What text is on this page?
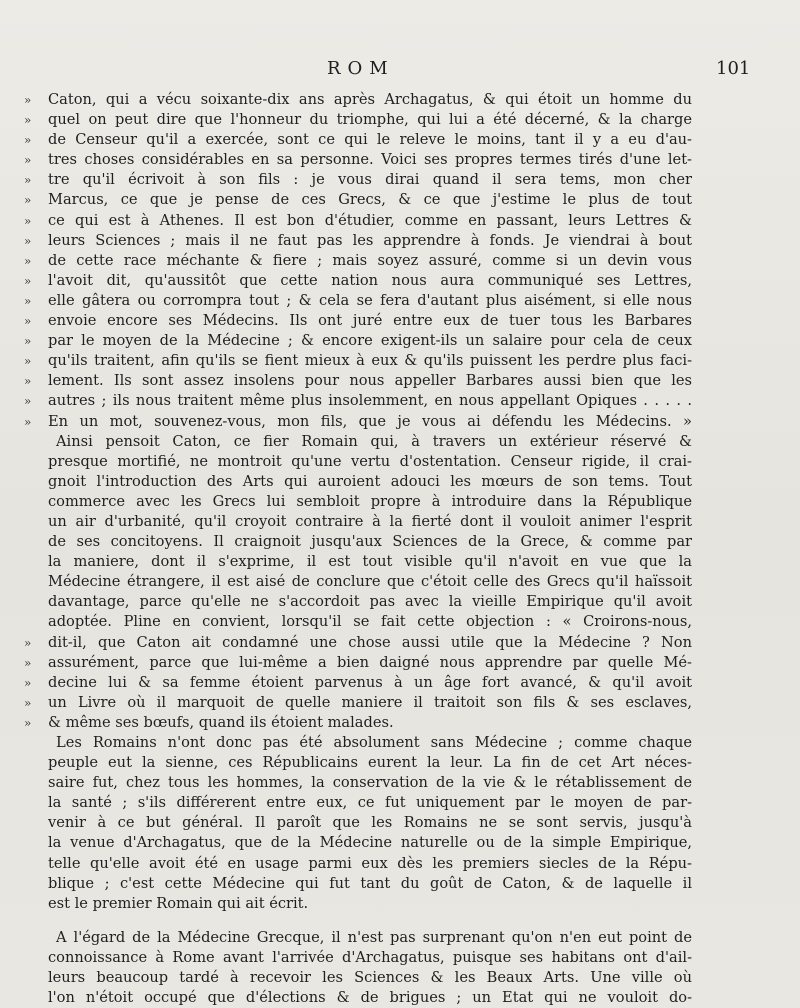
ROM	101
»	Caton, qui a vécu soixante-dix ans après Archagatus, & qui étoit un homme du
»	quel on peut dire que l'honneur du triomphe, qui lui a été décerné, & la charge
»	de Censeur qu'il a exercée, sont ce qui le releve le moins, tant il y a eu d'au-
»	tres choses considérables en sa personne. Voici ses propres termes tirés d'une let-
»	tre qu'il écrivoit à son fils : je vous dirai quand il sera tems, mon cher
»	Marcus, ce que je pense de ces Grecs, & ce que j'estime le plus de tout
»	ce qui est à Athenes. Il est bon d'étudier, comme en passant, leurs Lettres &
»	leurs Sciences ; mais il ne faut pas les apprendre à fonds. Je viendrai à bout
»	de cette race méchante & fiere ; mais soyez assuré, comme si un devin vous
»	l'avoit dit, qu'aussitôt que cette nation nous aura communiqué ses Lettres,
»	elle gâtera ou corrompra tout ; & cela se fera d'autant plus aisément, si elle nous
»	envoie encore ses Médecins. Ils ont juré entre eux de tuer tous les Barbares
»	par le moyen de la Médecine ; & encore exigent-ils un salaire pour cela de ceux
»	qu'ils traitent, afin qu'ils se fient mieux à eux & qu'ils puissent les perdre plus faci-
»	lement. Ils sont assez insolens pour nous appeller Barbares aussi bien que les
»	autres ; ils nous traitent même plus insolemment, en nous appellant Opiques . . . . .
»	En un mot, souvenez-vous, mon fils, que je vous ai défendu les Médecins. »
Ainsi pensoit Caton, ce fier Romain qui, à travers un extérieur réservé &
presque mortifié, ne montroit qu'une vertu d'ostentation. Censeur rigide, il crai-
gnoit l'introduction des Arts qui auroient adouci les mœurs de son tems. Tout
commerce avec les Grecs lui sembloit propre à introduire dans la République
un air d'urbanité, qu'il croyoit contraire à la fierté dont il vouloit animer l'esprit
de ses concitoyens. Il craignoit jusqu'aux Sciences de la Grece, & comme par
la maniere, dont il s'exprime, il est tout visible qu'il n'avoit en vue que la
Médecine étrangere, il est aisé de conclure que c'étoit celle des Grecs qu'il haïssoit
davantage, parce qu'elle ne s'accordoit pas avec la vieille Empirique qu'il avoit
adoptée. Pline en convient, lorsqu'il se fait cette objection : « Croirons-nous,
»	dit-il, que Caton ait condamné une chose aussi utile que la Médecine ? Non
»	assurément, parce que lui-même a bien daigné nous apprendre par quelle Mé-
»	decine lui & sa femme étoient parvenus à un âge fort avancé, & qu'il avoit
»	un Livre où il marquoit de quelle maniere il traitoit son fils & ses esclaves,
»	& même ses bœufs, quand ils étoient malades.
Les Romains n'ont donc pas été absolument sans Médecine ; comme chaque
peuple eut la sienne, ces Républicains eurent la leur. La fin de cet Art néces-
saire fut, chez tous les hommes, la conservation de la vie & le rétablissement de
la santé ; s'ils différerent entre eux, ce fut uniquement par le moyen de par-
venir à ce but général. Il paroît que les Romains ne se sont servis, jusqu'à
la venue d'Archagatus, que de la Médecine naturelle ou de la simple Empirique,
telle qu'elle avoit été en usage parmi eux dès les premiers siecles de la Répu-
blique ; c'est cette Médecine qui fut tant du goût de Caton, & de laquelle il
est le premier Romain qui ait écrit.
A l'égard de la Médecine Grecque, il n'est pas surprenant qu'on n'en eut point de
connoissance à Rome avant l'arrivée d'Archagatus, puisque ses habitans ont d'ail-
leurs beaucoup tardé à recevoir les Sciences & les Beaux Arts. Une ville où
l'on n'étoit occupé que d'élections & de brigues ; un Etat qui ne vouloit do-
